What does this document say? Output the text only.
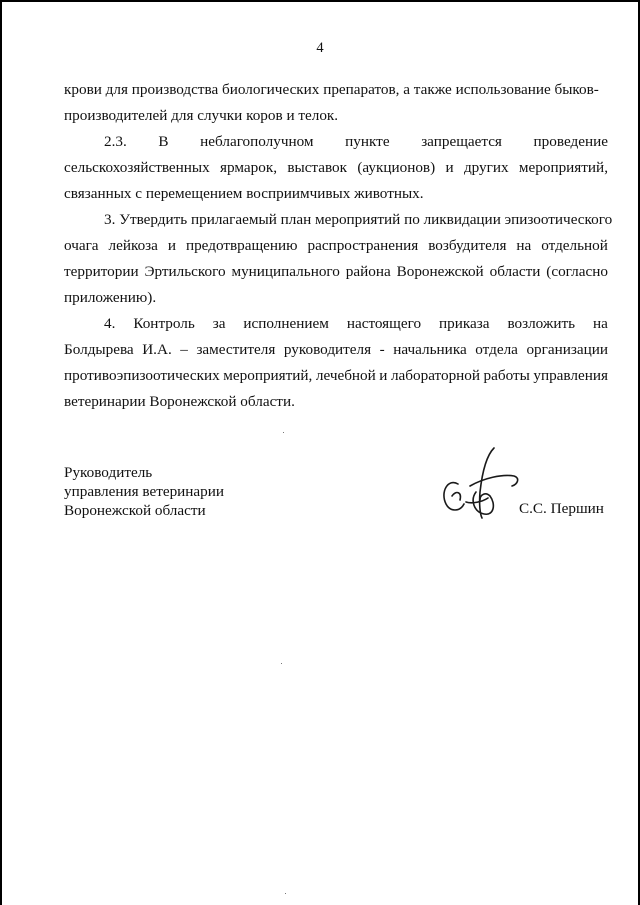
4
крови для производства биологических препаратов, а также использование быков-
производителей для случки коров и телок.
2.3. В неблагополучном пункте запрещается проведение
сельскохозяйственных ярмарок, выставок (аукционов) и других мероприятий,
связанных с перемещением восприимчивых животных.
3. Утвердить прилагаемый план мероприятий по ликвидации эпизоотического
очага лейкоза и предотвращению распространения возбудителя на отдельной
территории Эртильского муниципального района Воронежской области (согласно
приложению).
4. Контроль за исполнением настоящего приказа возложить на
Болдырева И.А. – заместителя руководителя - начальника отдела организации
противоэпизоотических мероприятий, лечебной и лабораторной работы управления
ветеринарии Воронежской области.
Руководитель
управления ветеринарии
Воронежской области	С.С. Першин
